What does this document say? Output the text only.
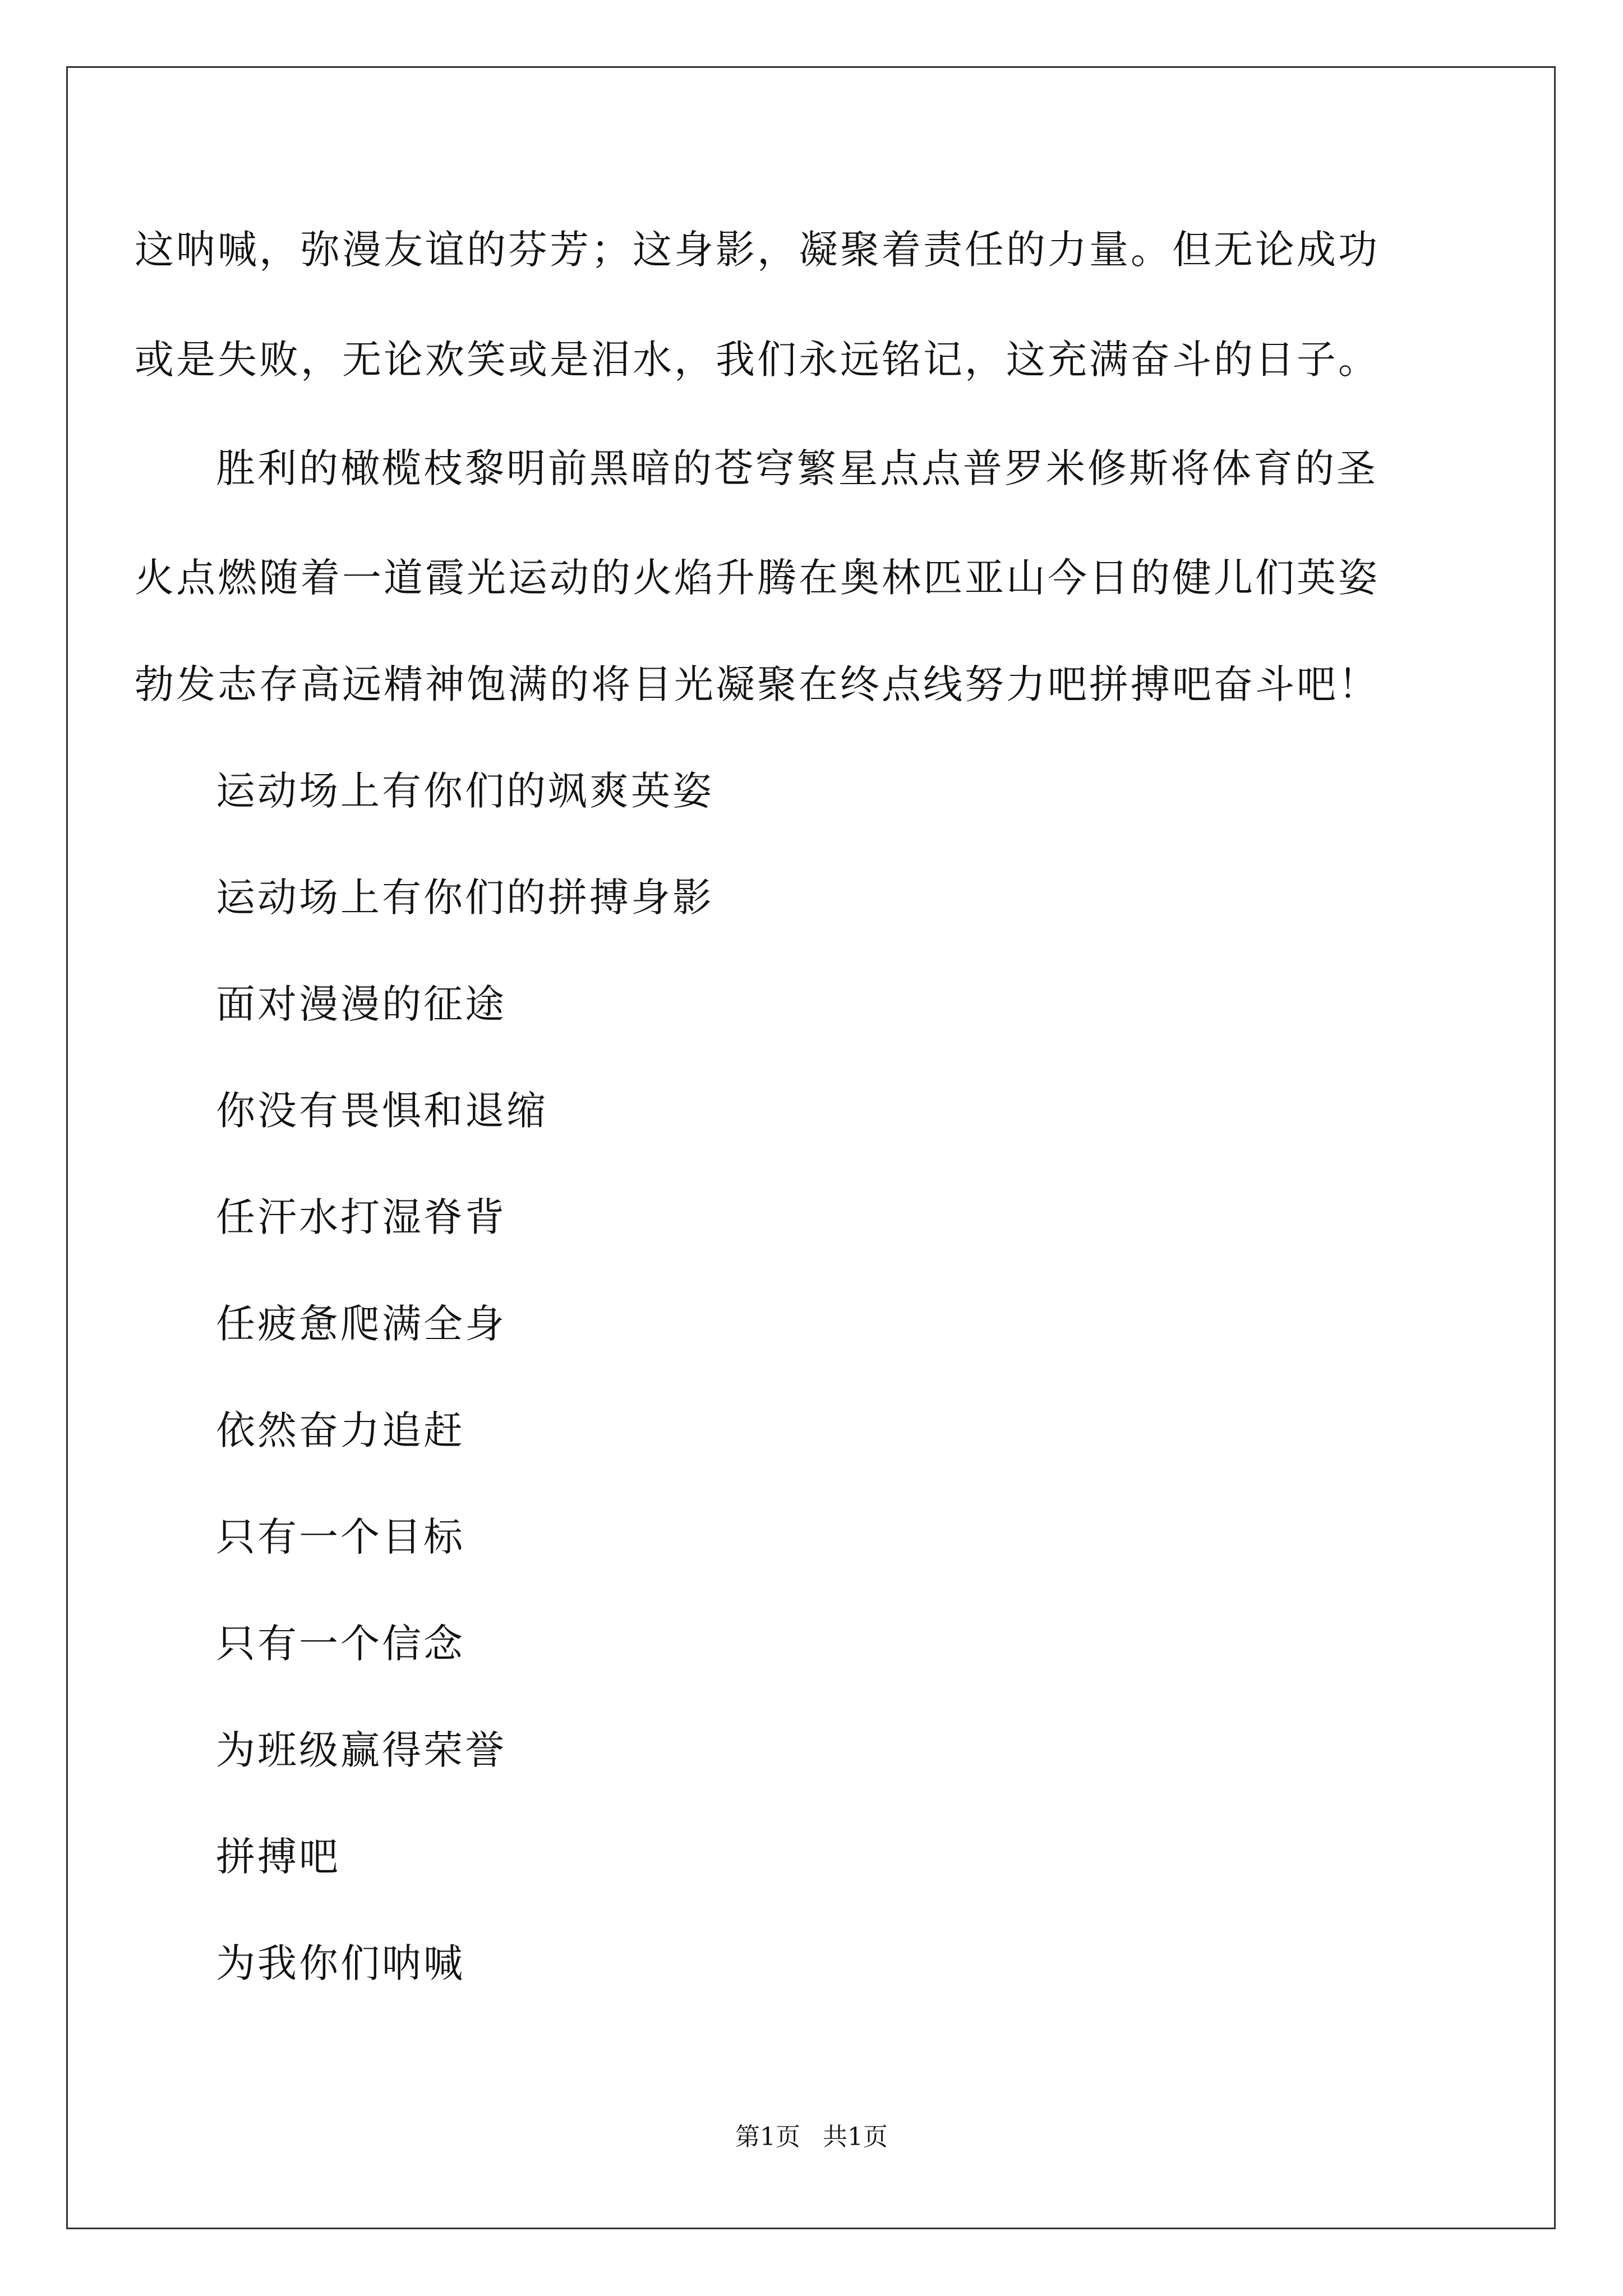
这呐喊，弥漫友谊的芬芳；这身影，凝聚着责任的力量。但无论成功
或是失败，无论欢笑或是泪水，我们永远铭记，这充满奋斗的日子。
胜利的橄榄枝黎明前黑暗的苍穹繁星点点普罗米修斯将体育的圣
火点燃随着一道霞光运动的火焰升腾在奥林匹亚山今日的健儿们英姿
勃发志存高远精神饱满的将目光凝聚在终点线努力吧拼搏吧奋斗吧！
运动场上有你们的飒爽英姿
运动场上有你们的拼搏身影
面对漫漫的征途
你没有畏惧和退缩
任汗水打湿脊背
任疲惫爬满全身
依然奋力追赶
只有一个目标
只有一个信念
为班级赢得荣誉
拼搏吧
为我你们呐喊
第1页 共1页
